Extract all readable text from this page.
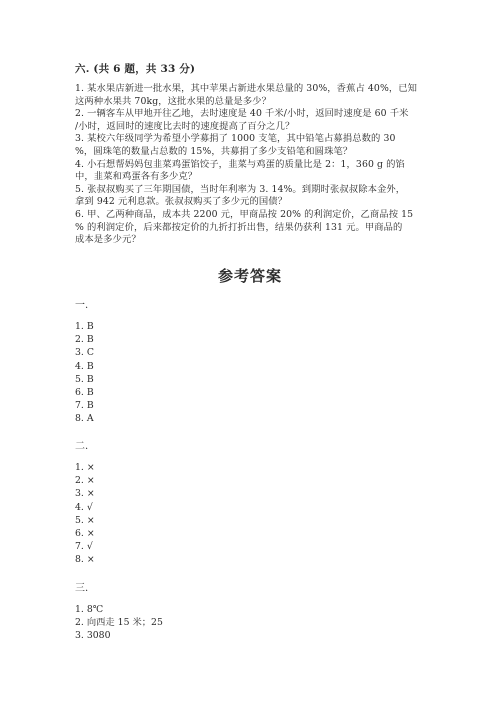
六. (共 6 题，共 33 分)

1. 某水果店新进一批水果，其中苹果占新进水果总量的 30%，香蕉占 40%，已知

这两种水果共 70kg，这批水果的总量是多少？

2. 一辆客车从甲地开往乙地，去时速度是 40 千米/小时，返回时速度是 60 千米

/小时，返回时的速度比去时的速度提高了百分之几？

3. 某校六年级同学为希望小学募捐了 1000 支笔，其中铅笔占募捐总数的 30

%，圆珠笔的数量占总数的 15%，共募捐了多少支铅笔和圆珠笔？

4. 小石想帮妈妈包韭菜鸡蛋馅饺子，韭菜与鸡蛋的质量比是 2：1，360 g 的馅

中，韭菜和鸡蛋各有多少克？

5. 张叔叔购买了三年期国债，当时年利率为 3. 14%。到期时张叔叔除本金外，

拿到 942 元利息款。张叔叔购买了多少元的国债？

6. 甲、乙两种商品，成本共 2200 元，甲商品按 20% 的利润定价，乙商品按 15

% 的利润定价，后来都按定价的九折打折出售，结果仍获利 131 元。甲商品的

成本是多少元？

参考答案
一.
1. B
2. B
3. C
4. B
5. B
6. B
7. B
8. A
二.
1. ×
2. ×
3. ×
4. √
5. ×
6. ×
7. √
8. ×
三.
1. 8℃
2. 向西走 15 米；25
3. 3080
